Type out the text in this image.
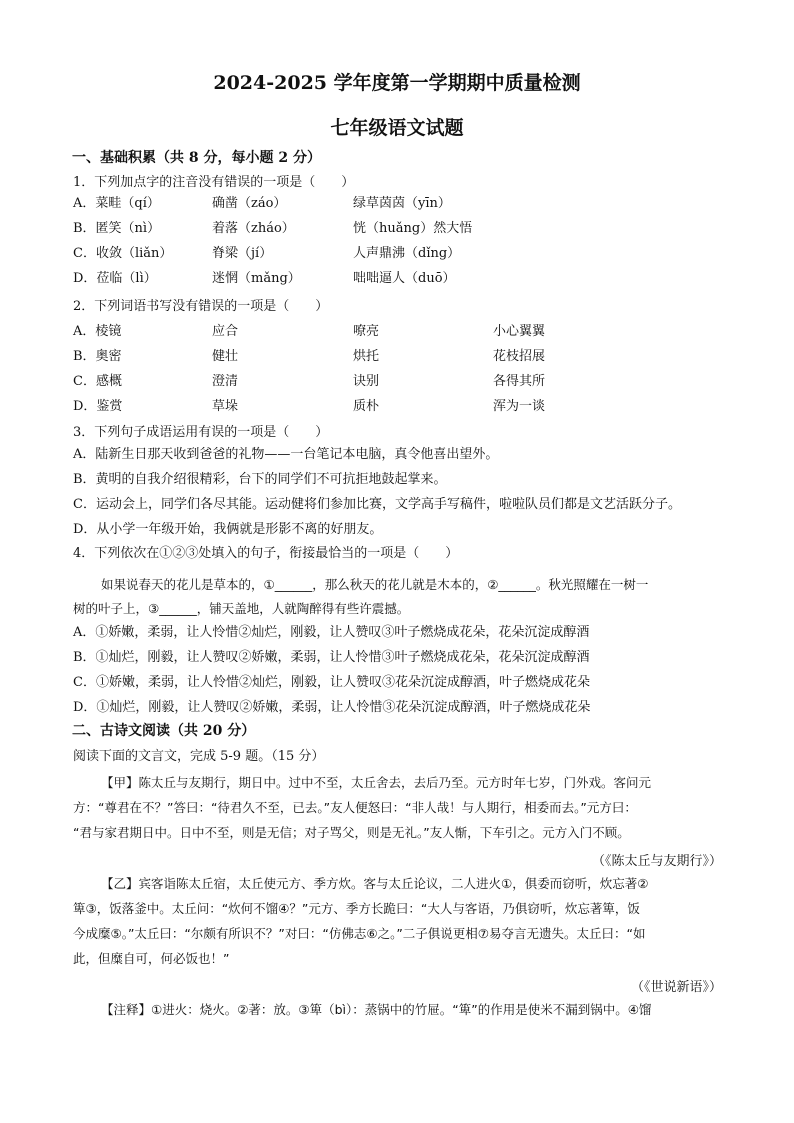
2024-2025 学年度第一学期期中质量检测
七年级语文试题
一、基础积累（共 8 分，每小题 2 分）
1．下列加点字的注音没有错误的一项是（　　）
A．菜畦（qí）	确凿（záo）	绿草茵茵（yīn）
B．匿笑（nì）	着落（zháo）	恍（huǎng）然大悟
C．收敛（liǎn）	脊梁（jí）	人声鼎沸（dǐng）
D．莅临（lì）	迷惘（mǎng）	咄咄逼人（duō）
2．下列词语书写没有错误的一项是（　　）
A．棱镜	应合	嘹亮	小心翼翼
B．奥密	健壮	烘托	花枝招展
C．感概	澄清	诀别	各得其所
D．鉴赏	草垛	质朴	浑为一谈
3．下列句子成语运用有误的一项是（　　）
A．陆新生日那天收到爸爸的礼物——一台笔记本电脑，真令他喜出望外。
B．黄明的自我介绍很精彩，台下的同学们不可抗拒地鼓起掌来。
C．运动会上，同学们各尽其能。运动健将们参加比赛，文学高手写稿件，啦啦队员们都是文艺活跃分子。
D．从小学一年级开始，我俩就是形影不离的好朋友。
4．下列依次在①②③处填入的句子，衔接最恰当的一项是（　　）
如果说春天的花儿是草本的，①______，那么秋天的花儿就是木本的，②______。秋光照耀在一树一
树的叶子上，③______，铺天盖地，人就陶醉得有些许震撼。
A．①娇嫩，柔弱，让人怜惜②灿烂，刚毅，让人赞叹③叶子燃烧成花朵，花朵沉淀成醇酒
B．①灿烂，刚毅，让人赞叹②娇嫩，柔弱，让人怜惜③叶子燃烧成花朵，花朵沉淀成醇酒
C．①娇嫩，柔弱，让人怜惜②灿烂，刚毅，让人赞叹③花朵沉淀成醇酒，叶子燃烧成花朵
D．①灿烂，刚毅，让人赞叹②娇嫩，柔弱，让人怜惜③花朵沉淀成醇酒，叶子燃烧成花朵
二、古诗文阅读（共 20 分）
阅读下面的文言文，完成 5-9 题。（15 分）
【甲】陈太丘与友期行，期日中。过中不至，太丘舍去，去后乃至。元方时年七岁，门外戏。客问元
方：“尊君在不？”答曰：“待君久不至，已去。”友人便怒曰：“非人哉！与人期行，相委而去。”元方曰：
“君与家君期日中。日中不至，则是无信；对子骂父，则是无礼。”友人惭，下车引之。元方入门不顾。
（《陈太丘与友期行》）
【乙】宾客诣陈太丘宿，太丘使元方、季方炊。客与太丘论议，二人进火①，俱委而窃听，炊忘著②
箄③，饭落釜中。太丘问：“炊何不馏④？”元方、季方长跪曰：“大人与客语，乃俱窃听，炊忘著箄，饭
今成糜⑤。”太丘曰：“尔颇有所识不？”对曰：“仿佛志⑥之。”二子俱说更相⑦易夺言无遗失。太丘曰：“如
此，但糜自可，何必饭也！”
（《世说新语》）
【注释】①进火：烧火。②著：放。③箄（bì）：蒸锅中的竹屉。“箄”的作用是使米不漏到锅中。④馏
